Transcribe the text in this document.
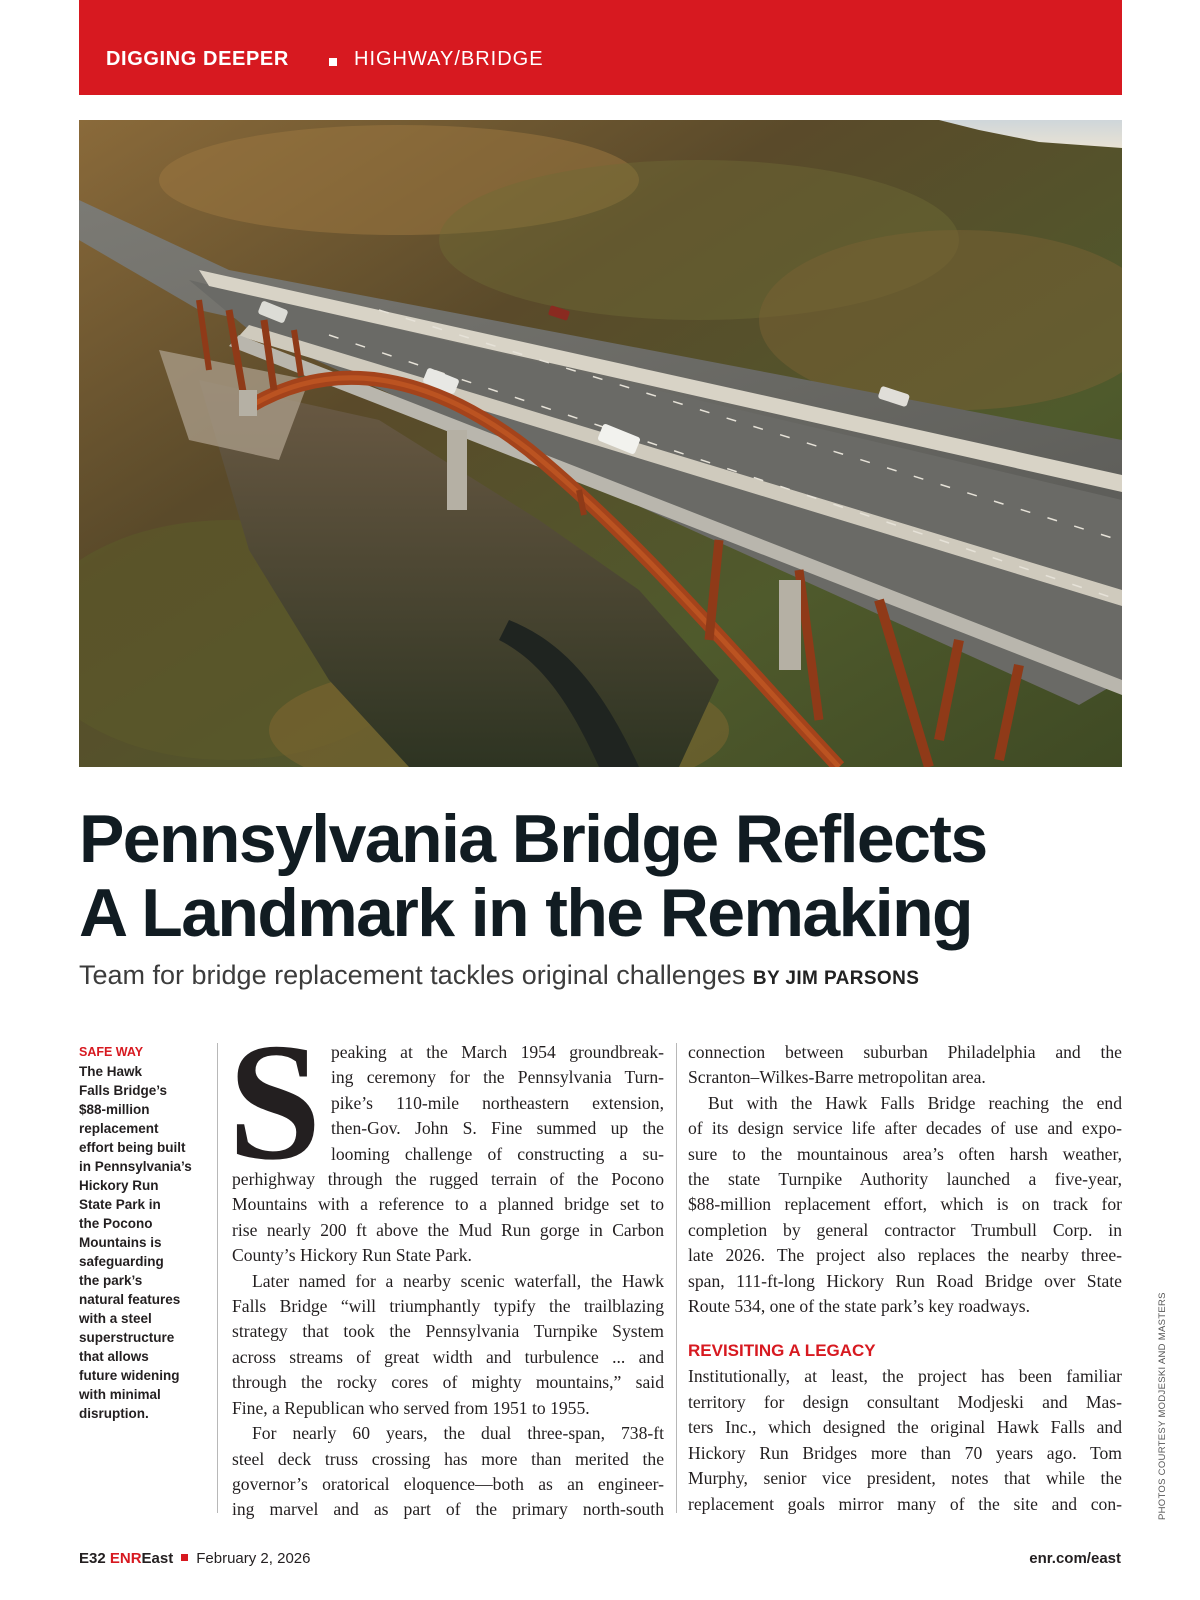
DIGGING DEEPER	HIGHWAY/BRIDGE
Pennsylvania Bridge Reflects
A Landmark in the Remaking
Team for bridge replacement tackles original challenges BY JIM PARSONS
SAFE WAY
The Hawk
Falls Bridge’s
$88-million
replacement
effort being built
in Pennsylvania’s
Hickory Run
State Park in
the Pocono
Mountains is
safeguarding
the park’s
natural features
with a steel
superstructure
that allows
future widening
with minimal
disruption.
S peaking at the March 1954 groundbreak-
ing ceremony for the Pennsylvania Turn-
pike’s 110-mile northeastern extension,
then-Gov. John S. Fine summed up the
looming challenge of constructing a su-
perhighway through the rugged terrain of the Pocono
Mountains with a reference to a planned bridge set to
rise nearly 200 ft above the Mud Run gorge in Carbon
County’s Hickory Run State Park.
Later named for a nearby scenic waterfall, the Hawk
Falls Bridge “will triumphantly typify the trailblazing
strategy that took the Pennsylvania Turnpike System
across streams of great width and turbulence ... and
through the rocky cores of mighty mountains,” said
Fine, a Republican who served from 1951 to 1955.
For nearly 60 years, the dual three-span, 738-ft
steel deck truss crossing has more than merited the
governor’s oratorical eloquence—both as an engineer-
ing marvel and as part of the primary north-south
connection between suburban Philadelphia and the
Scranton–Wilkes-Barre metropolitan area.
But with the Hawk Falls Bridge reaching the end
of its design service life after decades of use and expo-
sure to the mountainous area’s often harsh weather,
the state Turnpike Authority launched a five-year,
$88-million replacement effort, which is on track for
completion by general contractor Trumbull Corp. in
late 2026. The project also replaces the nearby three-
span, 111-ft-long Hickory Run Road Bridge over State
Route 534, one of the state park’s key roadways.
REVISITING A LEGACY
Institutionally, at least, the project has been familiar
territory for design consultant Modjeski and Mas-
ters Inc., which designed the original Hawk Falls and
Hickory Run Bridges more than 70 years ago. Tom
Murphy, senior vice president, notes that while the
replacement goals mirror many of the site and con-	PHOTOS COURTESY MODJESKI AND MASTERS
E32 ENREast February 2, 2026	enr.com/east
